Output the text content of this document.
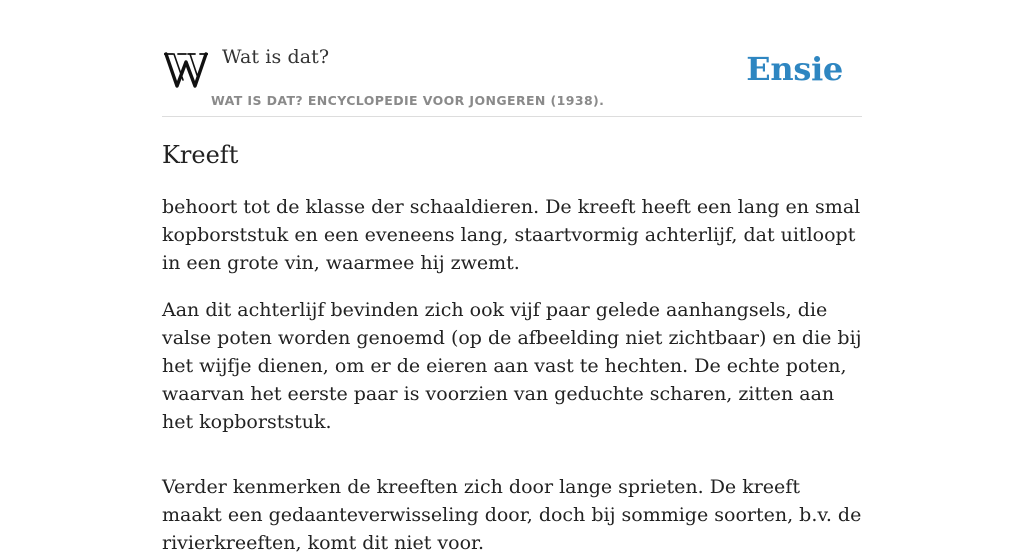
Wat is dat?
WAT IS DAT? ENCYCLOPEDIE VOOR JONGEREN (1938).
Ensie
Kreeft

behoort tot de klasse der schaaldieren. De kreeft heeft een lang en smal kopborststuk en een eveneens lang, staartvormig achterlijf, dat uitloopt in een grote vin, waarmee hij zwemt.

Aan dit achterlijf bevinden zich ook vijf paar gelede aanhangsels, die valse poten worden genoemd (op de afbeelding niet zichtbaar) en die bij het wijfje dienen, om er de eieren aan vast te hechten. De echte poten, waarvan het eerste paar is voorzien van geduchte scharen, zitten aan het kopborststuk.

Verder kenmerken de kreeften zich door lange sprieten. De kreeft maakt een gedaanteverwisseling door, doch bij sommige soorten, b.v. de rivierkreeften, komt dit niet voor.
